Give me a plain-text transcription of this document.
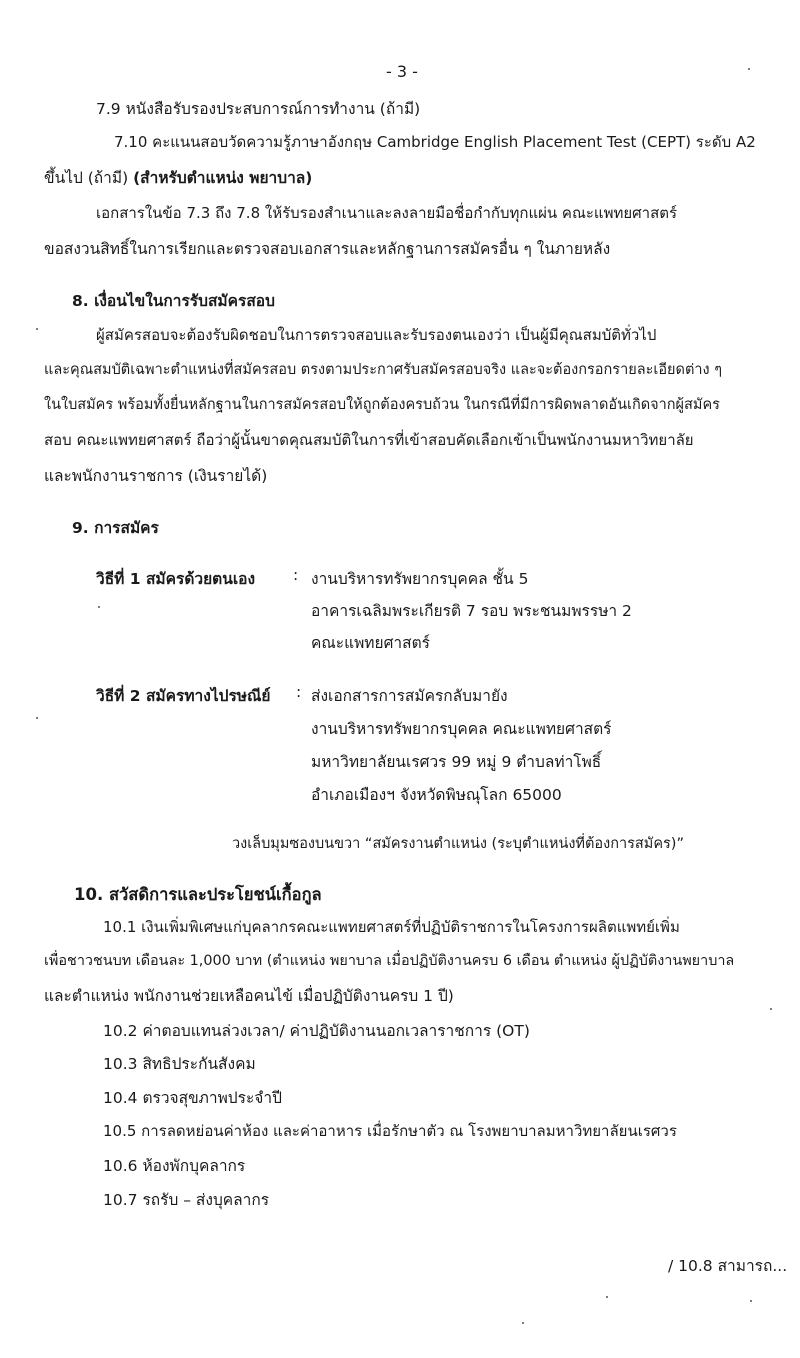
- 3 -
7.9 หนังสือรับรองประสบการณ์การทำงาน (ถ้ามี)
7.10 คะแนนสอบวัดความรู้ภาษาอังกฤษ Cambridge English Placement Test (CEPT) ระดับ A2
ขึ้นไป (ถ้ามี) (สำหรับตำแหน่ง พยาบาล)
เอกสารในข้อ 7.3 ถึง 7.8 ให้รับรองสำเนาและลงลายมือชื่อกำกับทุกแผ่น คณะแพทยศาสตร์
ขอสงวนสิทธิ์ในการเรียกและตรวจสอบเอกสารและหลักฐานการสมัครอื่น ๆ ในภายหลัง
8. เงื่อนไขในการรับสมัครสอบ
ผู้สมัครสอบจะต้องรับผิดชอบในการตรวจสอบและรับรองตนเองว่า เป็นผู้มีคุณสมบัติทั่วไป
และคุณสมบัติเฉพาะตำแหน่งที่สมัครสอบ ตรงตามประกาศรับสมัครสอบจริง และจะต้องกรอกรายละเอียดต่าง ๆ
ในใบสมัคร พร้อมทั้งยื่นหลักฐานในการสมัครสอบให้ถูกต้องครบถ้วน ในกรณีที่มีการผิดพลาดอันเกิดจากผู้สมัคร
สอบ คณะแพทยศาสตร์ ถือว่าผู้นั้นขาดคุณสมบัติในการที่เข้าสอบคัดเลือกเข้าเป็นพนักงานมหาวิทยาลัย
และพนักงานราชการ (เงินรายได้)
9. การสมัคร
วิธีที่ 1 สมัครด้วยตนเอง : งานบริหารทรัพยากรบุคคล ชั้น 5
อาคารเฉลิมพระเกียรติ 7 รอบ พระชนมพรรษา 2
คณะแพทยศาสตร์
วิธีที่ 2 สมัครทางไปรษณีย์ : ส่งเอกสารการสมัครกลับมายัง
งานบริหารทรัพยากรบุคคล คณะแพทยศาสตร์
มหาวิทยาลัยนเรศวร 99 หมู่ 9 ตำบลท่าโพธิ์
อำเภอเมืองฯ จังหวัดพิษณุโลก 65000
วงเล็บมุมซองบนขวา “สมัครงานตำแหน่ง (ระบุตำแหน่งที่ต้องการสมัคร)”
10. สวัสดิการและประโยชน์เกื้อกูล
10.1 เงินเพิ่มพิเศษแก่บุคลากรคณะแพทยศาสตร์ที่ปฏิบัติราชการในโครงการผลิตแพทย์เพิ่ม
เพื่อชาวชนบท เดือนละ 1,000 บาท (ตำแหน่ง พยาบาล เมื่อปฏิบัติงานครบ 6 เดือน ตำแหน่ง ผู้ปฏิบัติงานพยาบาล
และตำแหน่ง พนักงานช่วยเหลือคนไข้ เมื่อปฏิบัติงานครบ 1 ปี)
10.2 ค่าตอบแทนล่วงเวลา/ ค่าปฏิบัติงานนอกเวลาราชการ (OT)
10.3 สิทธิประกันสังคม
10.4 ตรวจสุขภาพประจำปี
10.5 การลดหย่อนค่าห้อง และค่าอาหาร เมื่อรักษาตัว ณ โรงพยาบาลมหาวิทยาลัยนเรศวร
10.6 ห้องพักบุคลากร
10.7 รถรับ – ส่งบุคลากร
/ 10.8 สามารถ...
